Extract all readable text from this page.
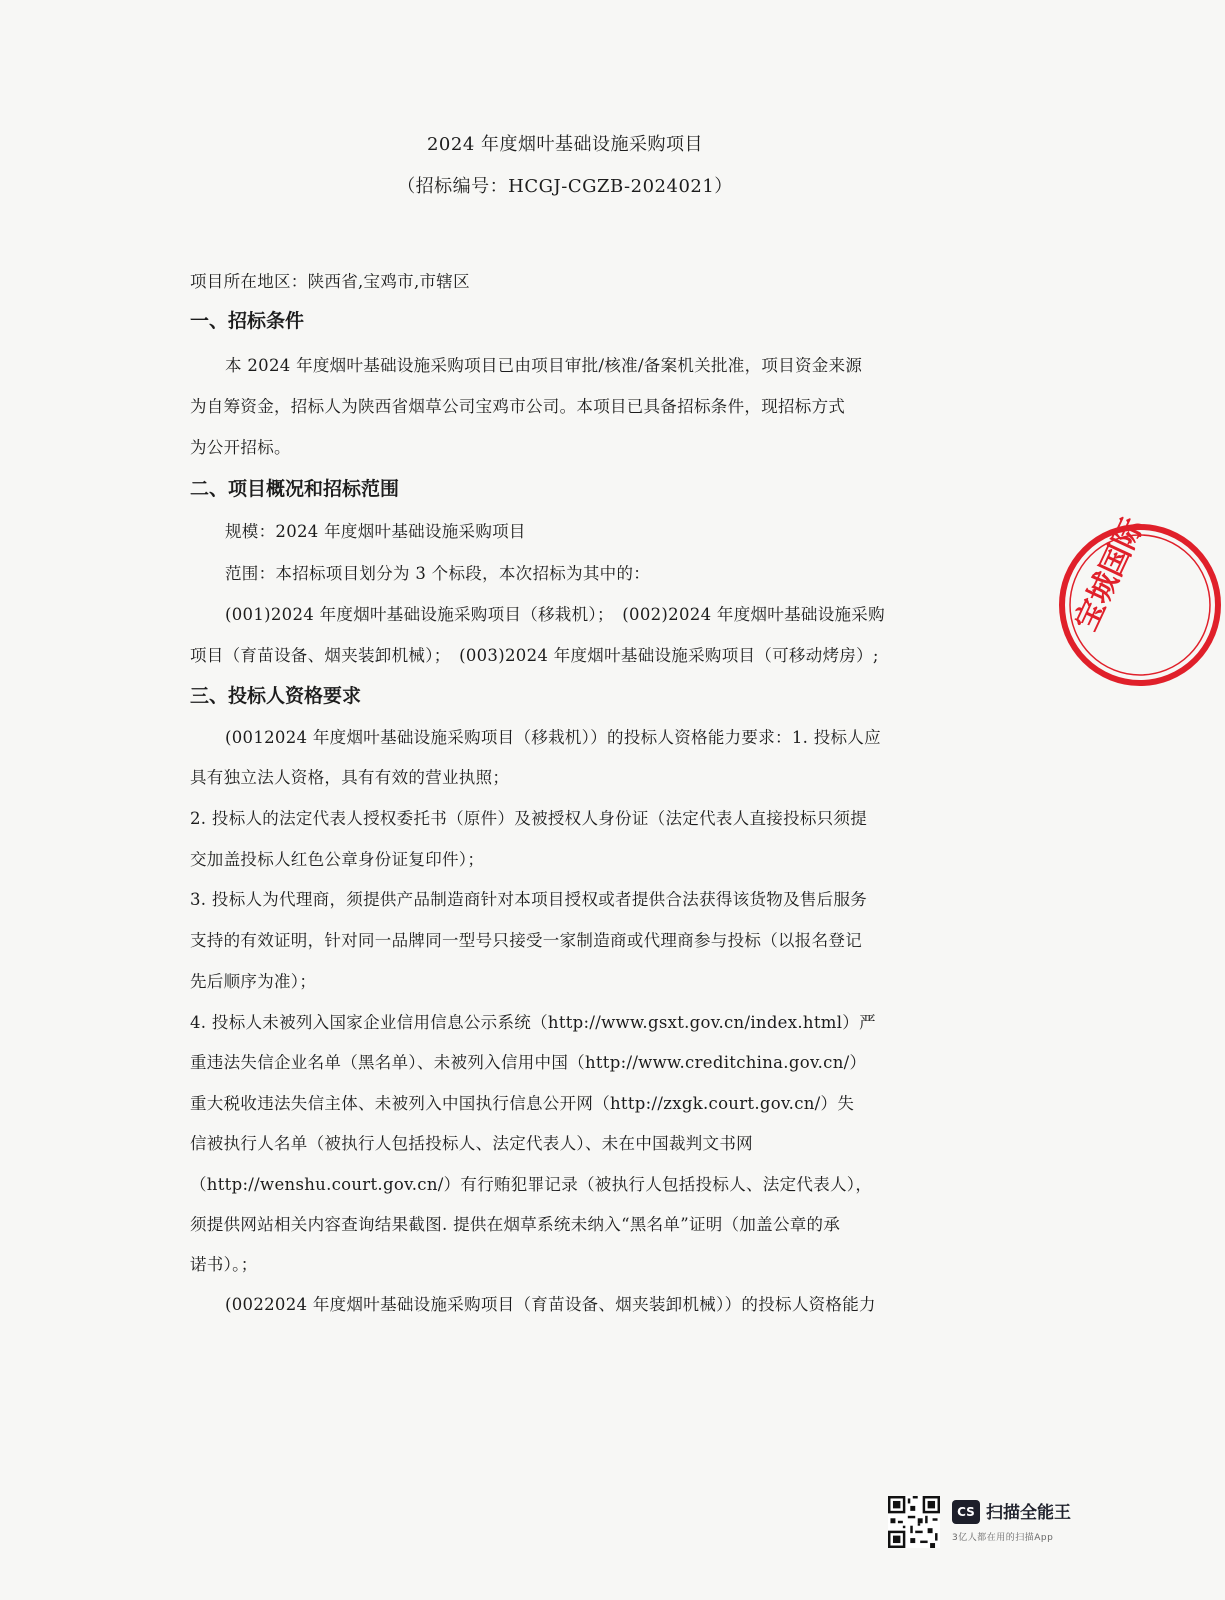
2024 年度烟叶基础设施采购项目
（招标编号：HCGJ-CGZB-2024021）
项目所在地区：陕西省,宝鸡市,市辖区
一、招标条件
本 2024 年度烟叶基础设施采购项目已由项目审批/核准/备案机关批准，项目资金来源
为自筹资金，招标人为陕西省烟草公司宝鸡市公司。本项目已具备招标条件，现招标方式
为公开招标。
二、项目概况和招标范围
规模：2024 年度烟叶基础设施采购项目
范围：本招标项目划分为 3 个标段，本次招标为其中的：
(001)2024 年度烟叶基础设施采购项目（移栽机）；　(002)2024 年度烟叶基础设施采购
项目（育苗设备、烟夹装卸机械）；　(003)2024 年度烟叶基础设施采购项目（可移动烤房）;
三、投标人资格要求
(0012024 年度烟叶基础设施采购项目（移栽机））的投标人资格能力要求：1. 投标人应
具有独立法人资格，具有有效的营业执照；
2. 投标人的法定代表人授权委托书（原件）及被授权人身份证（法定代表人直接投标只须提
交加盖投标人红色公章身份证复印件）；
3. 投标人为代理商，须提供产品制造商针对本项目授权或者提供合法获得该货物及售后服务
支持的有效证明，针对同一品牌同一型号只接受一家制造商或代理商参与投标（以报名登记
先后顺序为准）；
4. 投标人未被列入国家企业信用信息公示系统（http://www.gsxt.gov.cn/index.html）严
重违法失信企业名单（黑名单）、未被列入信用中国（http://www.creditchina.gov.cn/）
重大税收违法失信主体、未被列入中国执行信息公开网（http://zxgk.court.gov.cn/）失
信被执行人名单（被执行人包括投标人、法定代表人）、未在中国裁判文书网
（http://wenshu.court.gov.cn/）有行贿犯罪记录（被执行人包括投标人、法定代表人），
须提供网站相关内容查询结果截图. 提供在烟草系统未纳入“黑名单”证明（加盖公章的承
诺书）。；
(0022024 年度烟叶基础设施采购项目（育苗设备、烟夹装卸机械））的投标人资格能力
宝城国际
CS 扫描全能王
3亿人都在用的扫描App
